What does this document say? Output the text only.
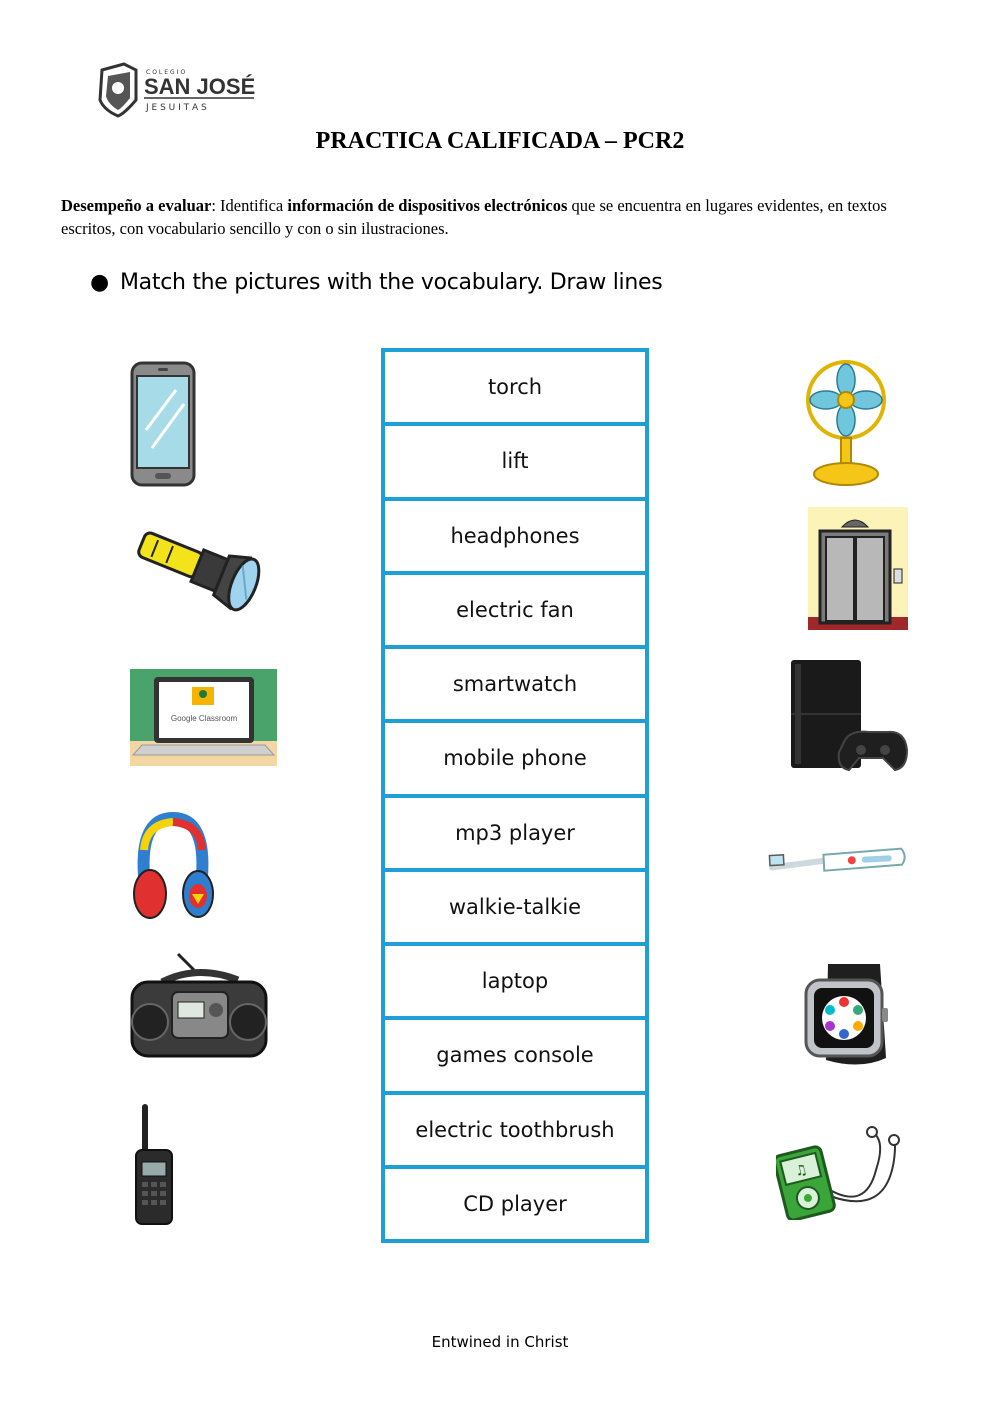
COLEGIO
SAN JOSÉ
J E S U I T A S
PRACTICA CALIFICADA – PCR2
Desempeño a evaluar: Identifica información de dispositivos electrónicos que se encuentra en lugares evidentes, en textos escritos, con vocabulario sencillo y con o sin ilustraciones.
● Match the pictures with the vocabulary. Draw lines
torch
lift
headphones
electric fan
smartwatch
mobile phone
mp3 player
walkie-talkie
laptop
games console
electric toothbrush
CD player
Google Classroom
♫
Entwined in Christ
